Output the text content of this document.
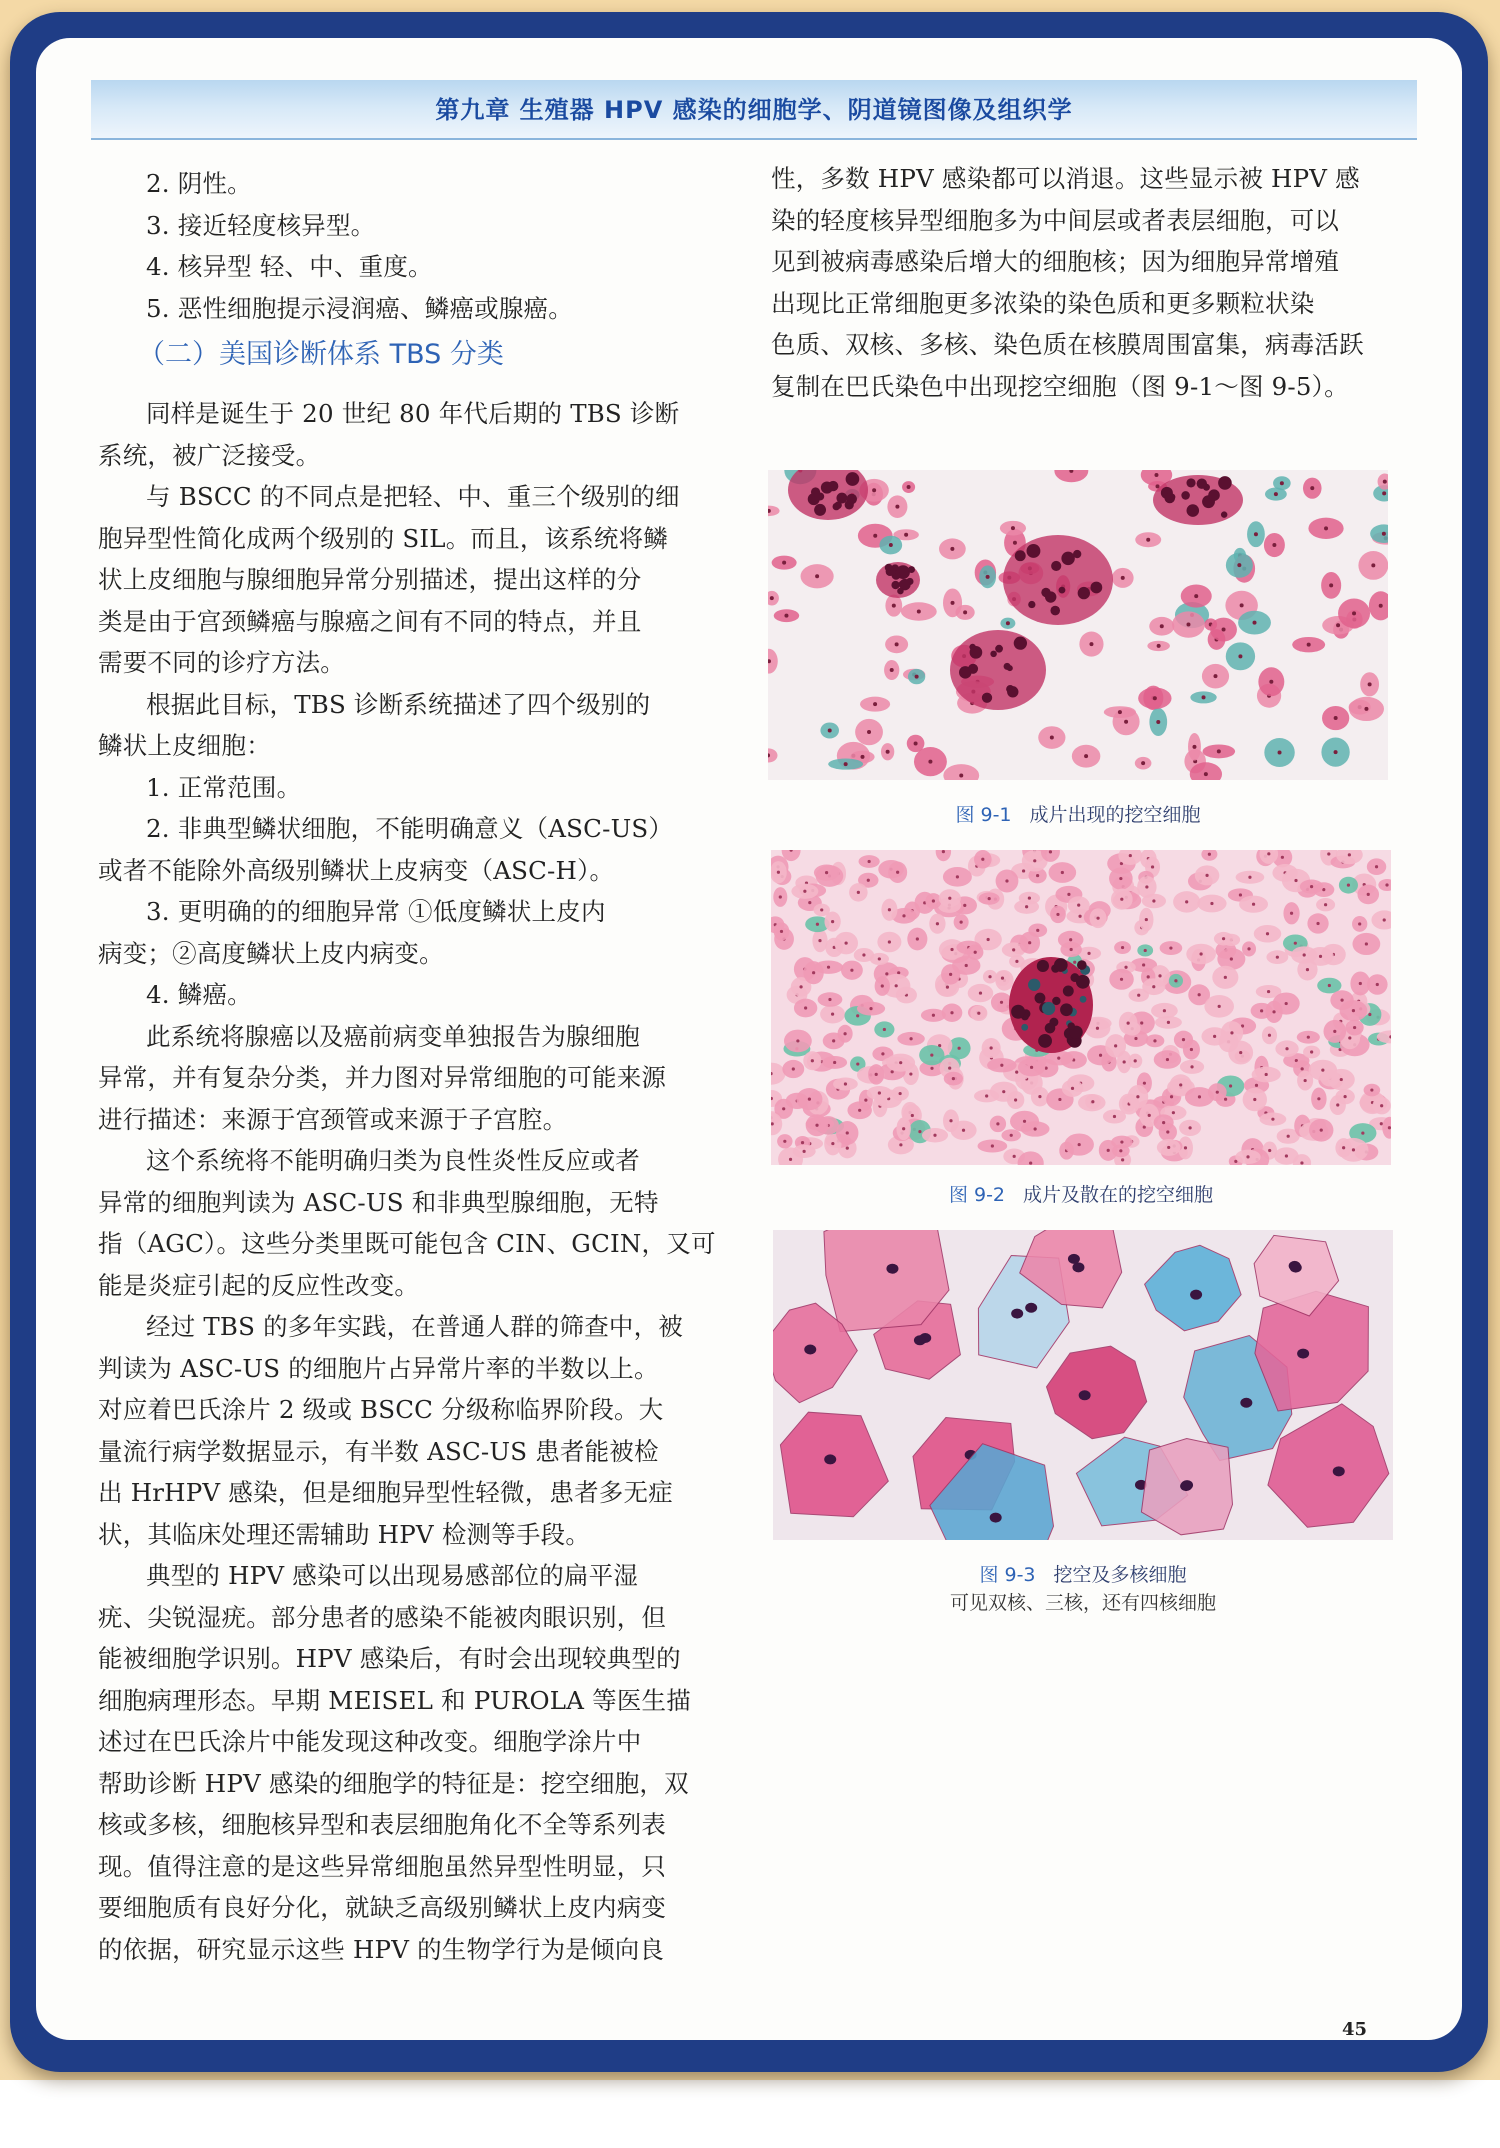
第九章 生殖器 HPV 感染的细胞学、阴道镜图像及组织学
2. 阴性。
3. 接近轻度核异型。
4. 核异型 轻、中、重度。
5. 恶性细胞提示浸润癌、鳞癌或腺癌。
（二）美国诊断体系 TBS 分类
同样是诞生于 20 世纪 80 年代后期的 TBS 诊断
系统，被广泛接受。
与 BSCC 的不同点是把轻、中、重三个级别的细
胞异型性简化成两个级别的 SIL。而且，该系统将鳞
状上皮细胞与腺细胞异常分别描述，提出这样的分
类是由于宫颈鳞癌与腺癌之间有不同的特点，并且
需要不同的诊疗方法。
根据此目标，TBS 诊断系统描述了四个级别的
鳞状上皮细胞：
1. 正常范围。
2. 非典型鳞状细胞，不能明确意义（ASC-US）
或者不能除外高级别鳞状上皮病变（ASC-H）。
3. 更明确的的细胞异常 ①低度鳞状上皮内
病变；②高度鳞状上皮内病变。
4. 鳞癌。
此系统将腺癌以及癌前病变单独报告为腺细胞
异常，并有复杂分类，并力图对异常细胞的可能来源
进行描述：来源于宫颈管或来源于子宫腔。
这个系统将不能明确归类为良性炎性反应或者
异常的细胞判读为 ASC-US 和非典型腺细胞，无特
指（AGC）。这些分类里既可能包含 CIN、GCIN，又可
能是炎症引起的反应性改变。
经过 TBS 的多年实践，在普通人群的筛查中，被
判读为 ASC-US 的细胞片占异常片率的半数以上。
对应着巴氏涂片 2 级或 BSCC 分级称临界阶段。大
量流行病学数据显示，有半数 ASC-US 患者能被检
出 HrHPV 感染，但是细胞异型性轻微，患者多无症
状，其临床处理还需辅助 HPV 检测等手段。
典型的 HPV 感染可以出现易感部位的扁平湿
疣、尖锐湿疣。部分患者的感染不能被肉眼识别，但
能被细胞学识别。HPV 感染后，有时会出现较典型的
细胞病理形态。早期 MEISEL 和 PUROLA 等医生描
述过在巴氏涂片中能发现这种改变。细胞学涂片中
帮助诊断 HPV 感染的细胞学的特征是：挖空细胞，双
核或多核，细胞核异型和表层细胞角化不全等系列表
现。值得注意的是这些异常细胞虽然异型性明显，只
要细胞质有良好分化，就缺乏高级别鳞状上皮内病变
的依据，研究显示这些 HPV 的生物学行为是倾向良
性，多数 HPV 感染都可以消退。这些显示被 HPV 感
染的轻度核异型细胞多为中间层或者表层细胞，可以
见到被病毒感染后增大的细胞核；因为细胞异常增殖
出现比正常细胞更多浓染的染色质和更多颗粒状染
色质、双核、多核、染色质在核膜周围富集，病毒活跃
复制在巴氏染色中出现挖空细胞（图 9-1～图 9-5）。
图 9-1 成片出现的挖空细胞
图 9-2 成片及散在的挖空细胞
图 9-3 挖空及多核细胞
可见双核、三核，还有四核细胞
45
